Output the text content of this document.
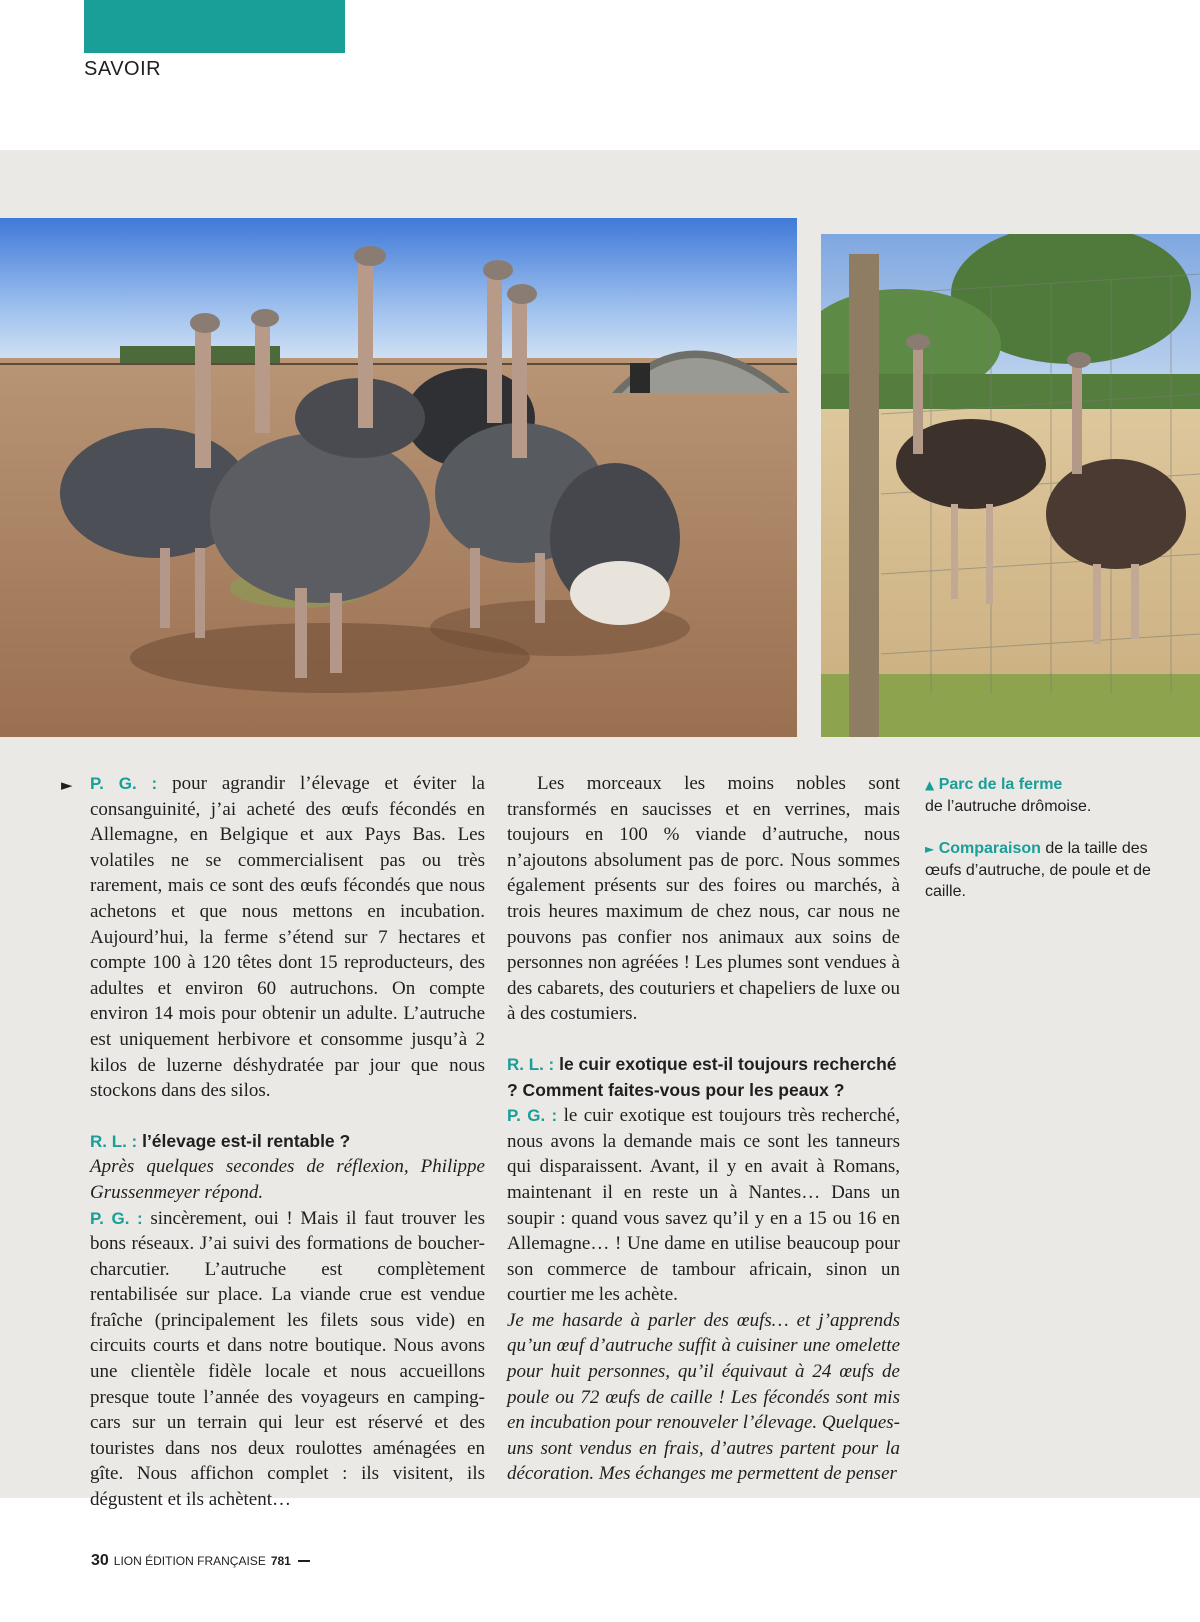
SAVOIR
► P. G. : pour agrandir l’élevage et éviter la consanguinité, j’ai acheté des œufs fécondés en Allemagne, en Belgique et aux Pays Bas. Les volatiles ne se commercialisent pas ou très rarement, mais ce sont des œufs fécondés que nous achetons et que nous mettons en incubation. Aujourd’hui, la ferme s’étend sur 7 hectares et compte 100 à 120 têtes dont 15 reproducteurs, des adultes et environ 60 autruchons. On compte environ 14 mois pour obtenir un adulte. L’autruche est uniquement herbivore et consomme jusqu’à 2 kilos de luzerne déshydratée par jour que nous stockons dans des silos.

R. L. : l’élevage est-il rentable ?

Après quelques secondes de réflexion, Philippe Grussenmeyer répond.

P. G. : sincèrement, oui ! Mais il faut trouver les bons réseaux. J’ai suivi des formations de boucher-charcutier. L’autruche est complètement rentabilisée sur place. La viande crue est vendue fraîche (principalement les filets sous vide) en circuits courts et dans notre boutique. Nous avons une clientèle fidèle locale et nous accueillons presque toute l’année des voyageurs en camping-cars sur un terrain qui leur est réservé et des touristes dans nos deux roulottes aménagées en gîte. Nous affichon complet : ils visitent, ils dégustent et ils achètent…

Les morceaux les moins nobles sont transformés en saucisses et en verrines, mais toujours en 100 % viande d’autruche, nous n’ajoutons absolument pas de porc. Nous sommes également présents sur des foires ou marchés, à trois heures maximum de chez nous, car nous ne pouvons pas confier nos animaux aux soins de personnes non agréées ! Les plumes sont vendues à des cabarets, des couturiers et chapeliers de luxe ou à des costumiers.

R. L. : le cuir exotique est-il toujours recherché ? Comment faites-vous pour les peaux ?

P. G. : le cuir exotique est toujours très recherché, nous avons la demande mais ce sont les tanneurs qui disparaissent. Avant, il y en avait à Romans, maintenant il en reste un à Nantes… Dans un soupir : quand vous savez qu’il y en a 15 ou 16 en Allemagne… ! Une dame en utilise beaucoup pour son commerce de tambour africain, sinon un courtier me les achète.

Je me hasarde à parler des œufs… et j’apprends qu’un œuf d’autruche suffit à cuisiner une omelette pour huit personnes, qu’il équivaut à 24 œufs de poule ou 72 œufs de caille ! Les fécondés sont mis en incubation pour renouveler l’élevage. Quelques-uns sont vendus en frais, d’autres partent pour la décoration. Mes échanges me permettent de penser

▲ Parc de la ferme
de l’autruche drômoise.

► Comparaison de la taille des œufs d’autruche, de poule et de caille.

30 LION ÉDITION FRANÇAISE 781
